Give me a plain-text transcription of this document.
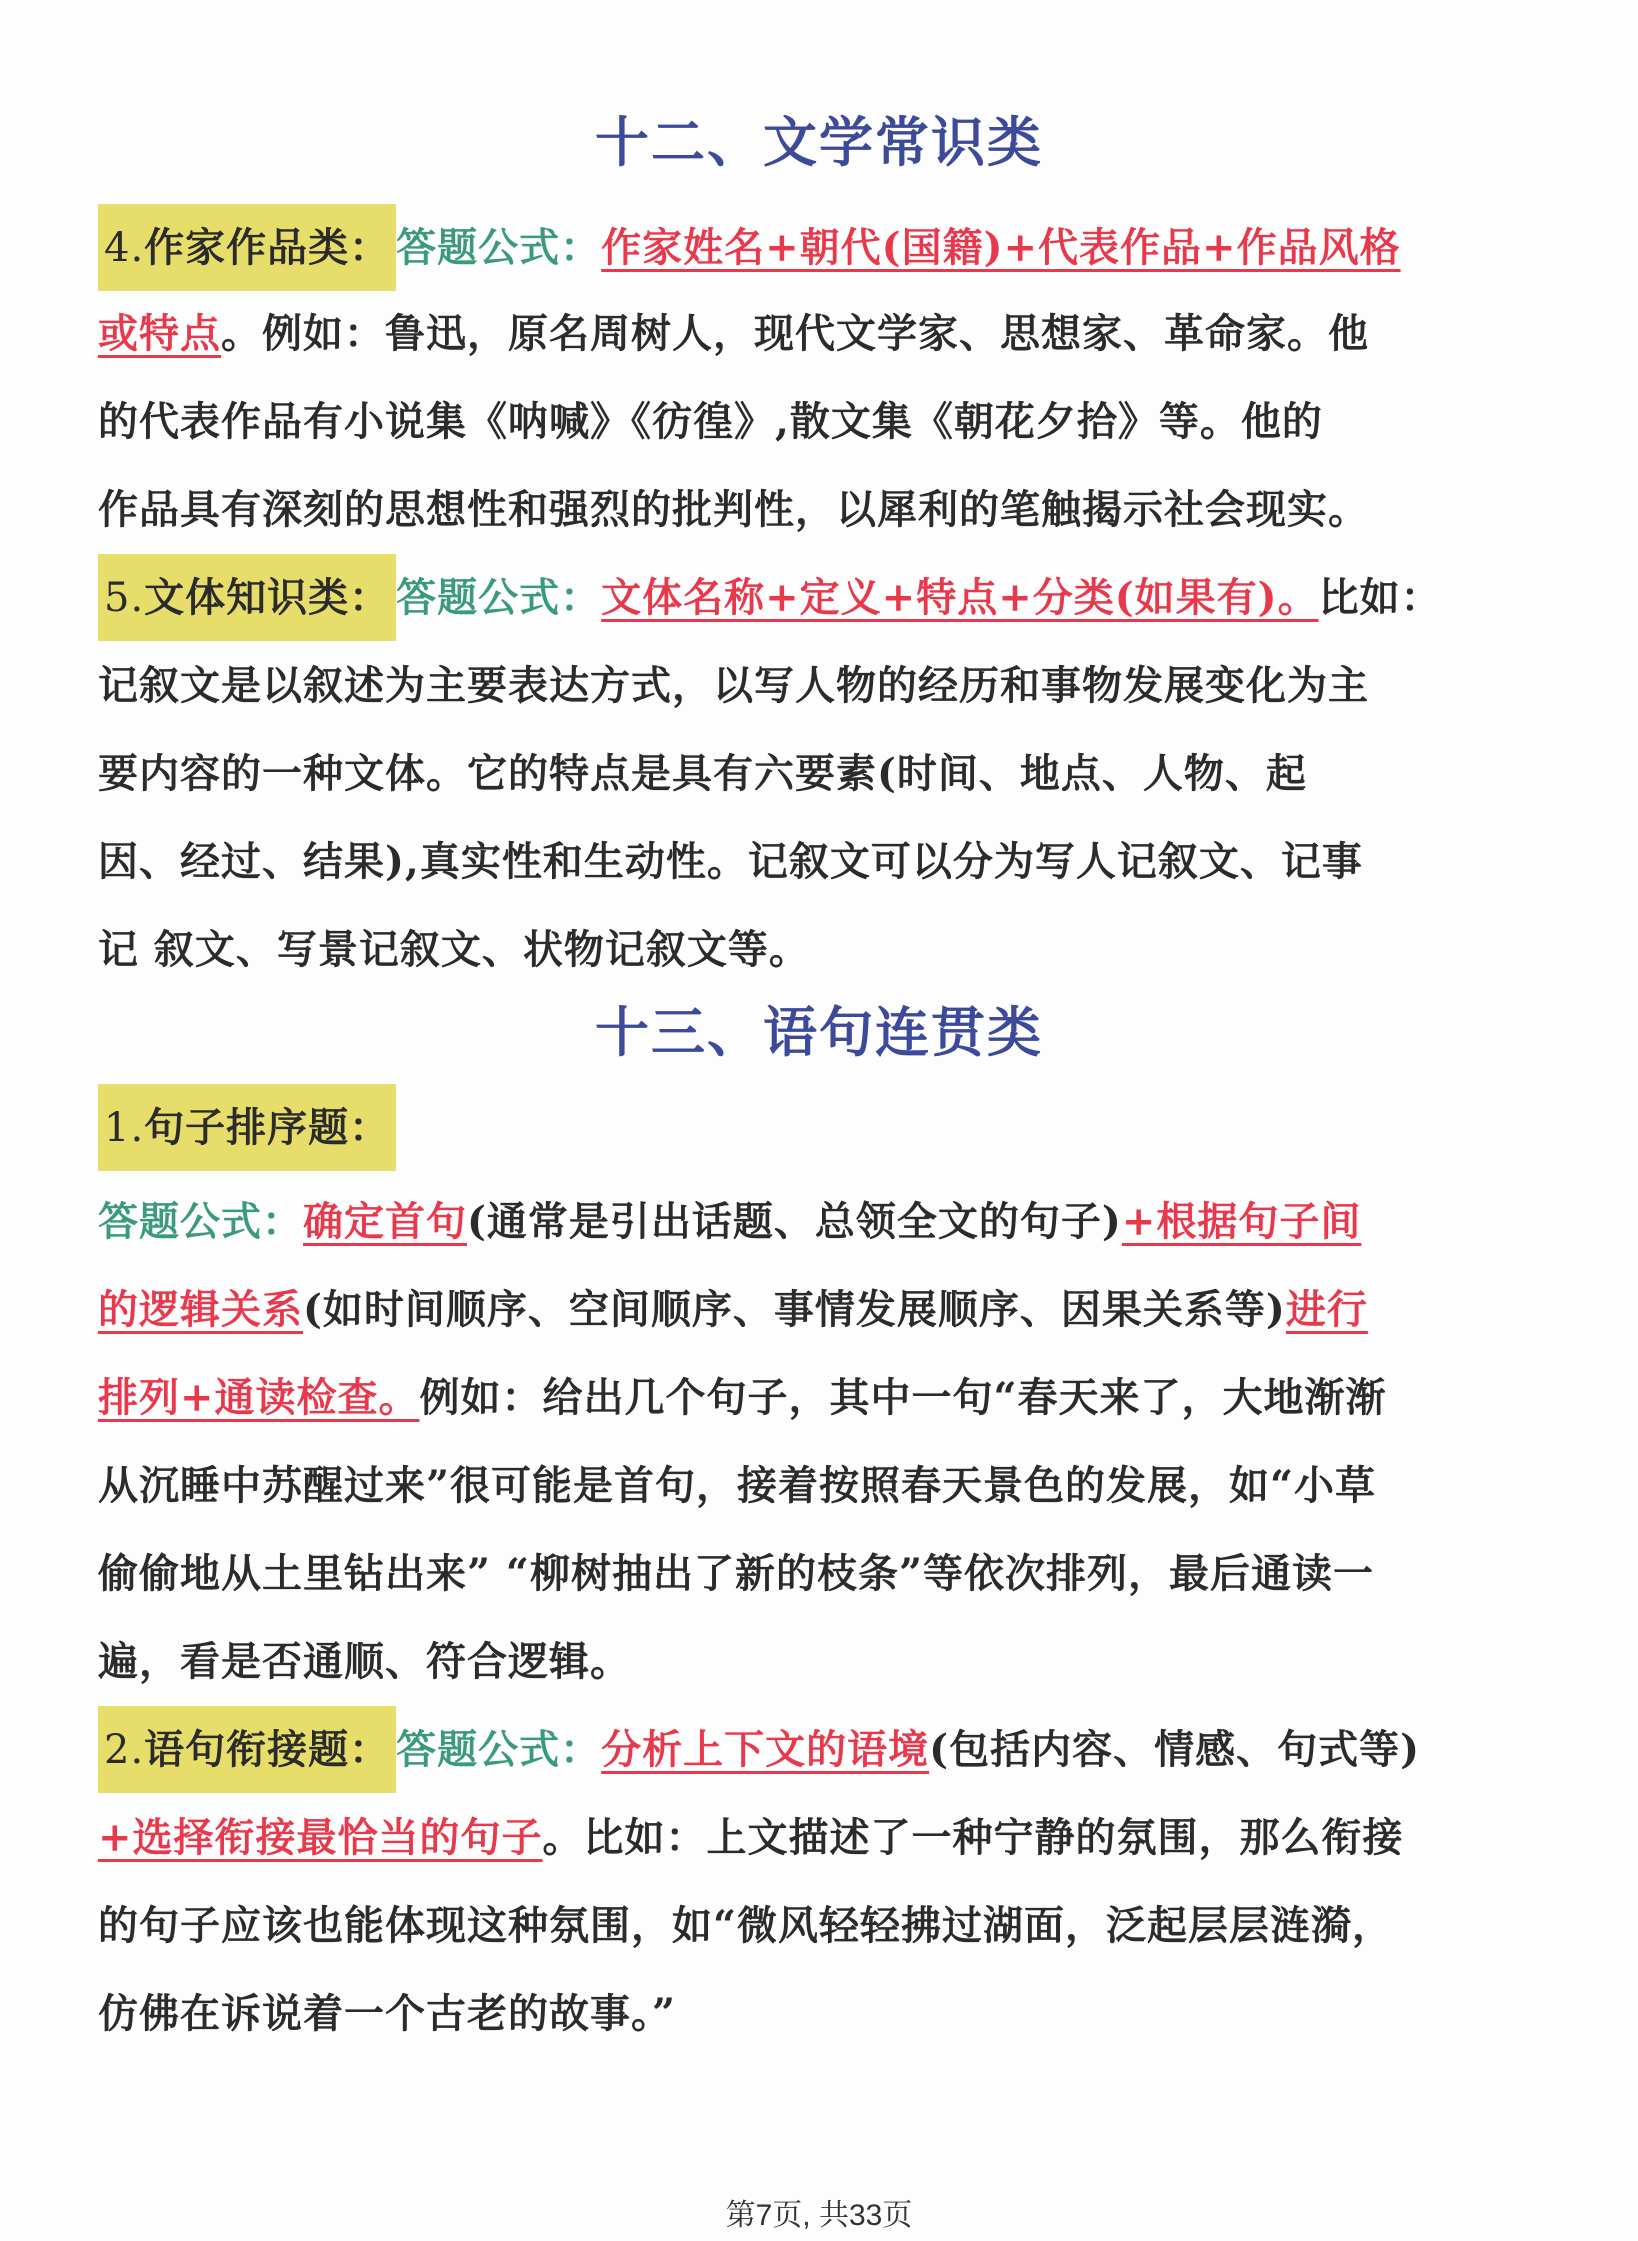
十二、文学常识类
4.作家作品类： 答题公式：作家姓名+朝代(国籍)+代表作品+作品风格
或特点。例如：鲁迅，原名周树人，现代文学家、思想家、革命家。他
的代表作品有小说集《呐喊》《彷徨》,散文集《朝花夕拾》等。他的
作品具有深刻的思想性和强烈的批判性，以犀利的笔触揭示社会现实。
5.文体知识类： 答题公式：文体名称+定义+特点+分类(如果有)。比如：
记叙文是以叙述为主要表达方式，以写人物的经历和事物发展变化为主
要内容的一种文体。它的特点是具有六要素(时间、地点、人物、起
因、经过、结果),真实性和生动性。记叙文可以分为写人记叙文、记事
记 叙文、写景记叙文、状物记叙文等。
十三、语句连贯类
1.句子排序题：
答题公式：确定首句(通常是引出话题、总领全文的句子)+根据句子间
的逻辑关系(如时间顺序、空间顺序、事情发展顺序、因果关系等)进行
排列+通读检查。例如：给出几个句子，其中一句“春天来了，大地渐渐
从沉睡中苏醒过来”很可能是首句，接着按照春天景色的发展，如“小草
偷偷地从土里钻出来” “柳树抽出了新的枝条”等依次排列，最后通读一
遍，看是否通顺、符合逻辑。
2.语句衔接题： 答题公式：分析上下文的语境(包括内容、情感、句式等)
+选择衔接最恰当的句子。比如：上文描述了一种宁静的氛围，那么衔接
的句子应该也能体现这种氛围，如“微风轻轻拂过湖面，泛起层层涟漪，
仿佛在诉说着一个古老的故事。”
第7页, 共33页
